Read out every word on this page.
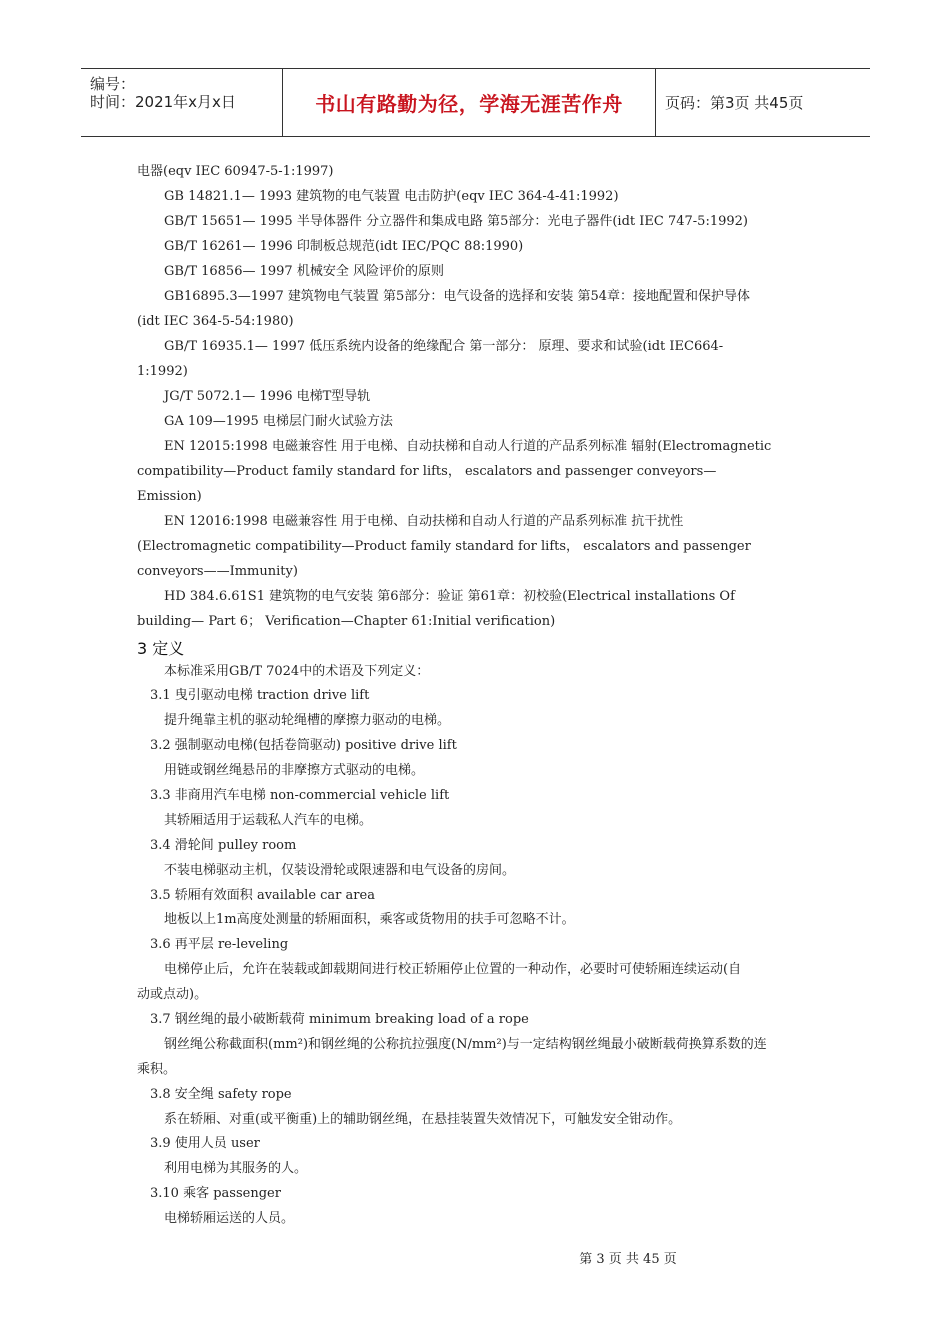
编号：
时间：2021年x月x日	书山有路勤为径，学海无涯苦作舟	页码：第3页 共45页
电器(eqv IEC 60947-5-1:1997)
GB 14821.1— 1993 建筑物的电气装置 电击防护(eqv IEC 364-4-41:1992)
GB/T 15651— 1995 半导体器件 分立器件和集成电路 第5部分：光电子器件(idt IEC 747-5:1992)
GB/T 16261— 1996 印制板总规范(idt IEC/PQC 88:1990)
GB/T 16856— 1997 机械安全 风险评价的原则
GB16895.3—1997 建筑物电气装置 第5部分：电气设备的选择和安装 第54章：接地配置和保护导体
(idt IEC 364-5-54:1980)
GB/T 16935.1— 1997 低压系统内设备的绝缘配合 第一部分： 原理、要求和试验(idt IEC664-
1:1992)
JG/T 5072.1— 1996 电梯T型导轨
GA 109—1995 电梯层门耐火试验方法
EN 12015:1998 电磁兼容性 用于电梯、自动扶梯和自动人行道的产品系列标准 辐射(Electromagnetic
compatibility—Product family standard for lifts， escalators and passenger conveyors—
Emission)
EN 12016:1998 电磁兼容性 用于电梯、自动扶梯和自动人行道的产品系列标准 抗干扰性
(Electromagnetic compatibility—Product family standard for lifts， escalators and passenger
conveyors——Immunity)
HD 384.6.61S1 建筑物的电气安装 第6部分：验证 第61章：初校验(Electrical installations Of
building— Part 6； Verification—Chapter 61:Initial verification)
3 定义
本标准采用GB/T 7024中的术语及下列定义：
3.1 曳引驱动电梯 traction drive lift
提升绳靠主机的驱动轮绳槽的摩擦力驱动的电梯。
3.2 强制驱动电梯(包括卷筒驱动) positive drive lift
用链或钢丝绳悬吊的非摩擦方式驱动的电梯。
3.3 非商用汽车电梯 non-commercial vehicle lift
其轿厢适用于运载私人汽车的电梯。
3.4 滑轮间 pulley room
不装电梯驱动主机，仅装设滑轮或限速器和电气设备的房间。
3.5 轿厢有效面积 available car area
地板以上1m高度处测量的轿厢面积，乘客或货物用的扶手可忽略不计。
3.6 再平层 re-leveling
电梯停止后，允许在装载或卸载期间进行校正轿厢停止位置的一种动作，必要时可使轿厢连续运动(自
动或点动)。
3.7 钢丝绳的最小破断载荷 minimum breaking load of a rope
钢丝绳公称截面积(mm²)和钢丝绳的公称抗拉强度(N/mm²)与一定结构钢丝绳最小破断载荷换算系数的连
乘积。
3.8 安全绳 safety rope
系在轿厢、对重(或平衡重)上的辅助钢丝绳，在悬挂装置失效情况下，可触发安全钳动作。
3.9 使用人员 user
利用电梯为其服务的人。
3.10 乘客 passenger
电梯轿厢运送的人员。
第 3 页 共 45 页
